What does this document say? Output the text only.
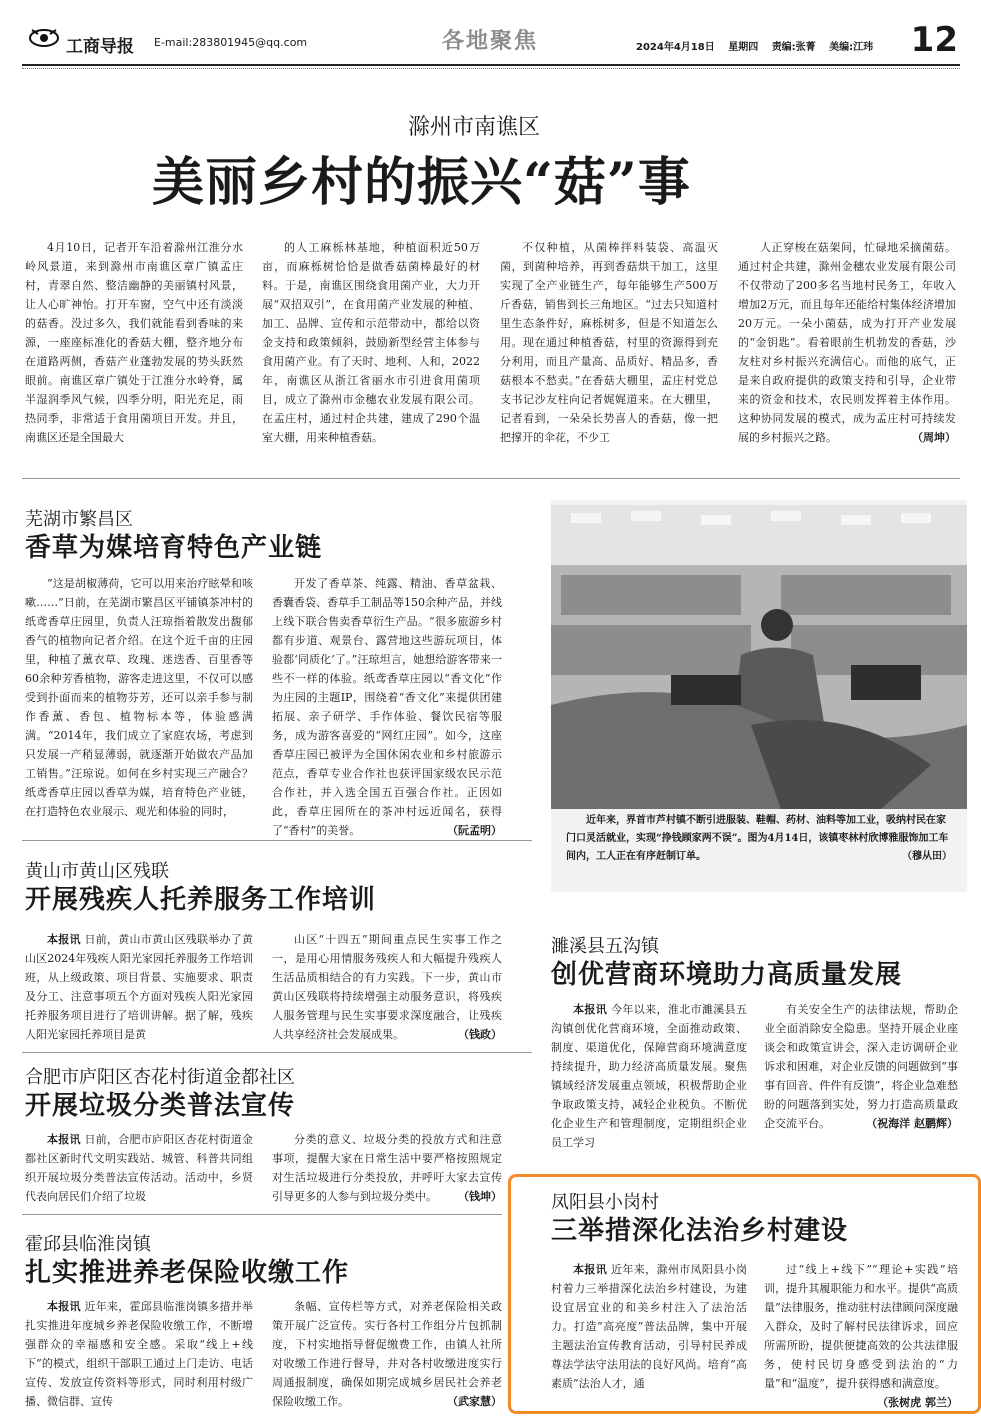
工商导报 E-mail:283801945@qq.com	各地聚焦	2024年4月18日 星期四 责编:张菁 美编:江玮 12
滁州市南谯区
美丽乡村的振兴“菇”事
4月10日，记者开车沿着滁州江淮分水岭风景道，来到滁州市南谯区章广镇孟庄村，青翠自然、整洁幽静的美丽镇村风景，让人心旷神怡。打开车窗，空气中还有淡淡的菇香。没过多久，我们就能看到香味的来源，一座座标准化的香菇大棚，整齐地分布在道路两侧，香菇产业蓬勃发展的势头跃然眼前。南谯区章广镇处于江淮分水岭脊，属半湿润季风气候，四季分明，阳光充足，雨热同季，非常适于食用菌项目开发。并且，南谯区还是全国最大
的人工麻栎林基地，种植面积近50万亩，而麻栎树恰恰是做香菇菌棒最好的材料。于是，南谯区围绕食用菌产业，大力开展“双招双引”，在食用菌产业发展的种植、加工、品牌、宣传和示范带动中，都给以资金支持和政策倾斜，鼓励新型经营主体参与食用菌产业。有了天时、地利、人和，2022年，南谯区从浙江省丽水市引进食用菌项目，成立了滁州市金穗农业发展有限公司。在孟庄村，通过村企共建，建成了290个温室大棚，用来种植香菇。
不仅种植，从菌棒拌料装袋、高温灭菌，到菌种培养，再到香菇烘干加工，这里实现了全产业链生产，每年能够生产500万斤香菇，销售到长三角地区。“过去只知道村里生态条件好，麻栎树多，但是不知道怎么用。现在通过种植香菇，村里的资源得到充分利用，而且产量高、品质好、精品多，香菇根本不愁卖。”在香菇大棚里，孟庄村党总支书记沙友柱向记者娓娓道来。在大棚里，记者看到，一朵朵长势喜人的香菇，像一把把撑开的伞花，不少工
人正穿梭在菇架间，忙碌地采摘菌菇。通过村企共建，滁州金穗农业发展有限公司不仅带动了200多名当地村民务工，年收入增加2万元，而且每年还能给村集体经济增加20万元。一朵小菌菇，成为打开产业发展的“金钥匙”。看着眼前生机勃发的香菇，沙友柱对乡村振兴充满信心。而他的底气，正是来自政府提供的政策支持和引导，企业带来的资金和技术，农民则发挥着主体作用。这种协同发展的模式，成为孟庄村可持续发展的乡村振兴之路。	（周坤）
芜湖市繁昌区
香草为媒培育特色产业链
“这是胡椒薄荷，它可以用来治疗眩晕和咳嗽……”日前，在芜湖市繁昌区平铺镇茶冲村的纸鸢香草庄园里，负责人汪琼指着散发出馥郁香气的植物向记者介绍。在这个近千亩的庄园里，种植了薰衣草、玫瑰、迷迭香、百里香等60余种芳香植物，游客走进这里，不仅可以感受到扑面而来的植物芬芳，还可以亲手参与制作香薰、香包、植物标本等，体验感满满。“2014年，我们成立了家庭农场，考虑到只发展一产稍显薄弱，就逐渐开始做农产品加工销售。”汪琼说。如何在乡村实现三产融合？纸鸢香草庄园以香草为媒，培育特色产业链，在打造特色农业展示、观光和体验的同时，
开发了香草茶、纯露、精油、香草盆栽、香囊香袋、香草手工制品等150余种产品，并线上线下联合售卖香草衍生产品。“很多旅游乡村都有步道、观景台、露营地这些游玩项目，体验都‘同质化’了。”汪琼坦言，她想给游客带来一些不一样的体验。纸鸢香草庄园以“香文化”作为庄园的主题IP，围绕着“香文化”来提供团建拓展、亲子研学、手作体验、餐饮民宿等服务，成为游客喜爱的“网红庄园”。如今，这座香草庄园已被评为全国休闲农业和乡村旅游示范点，香草专业合作社也获评国家级农民示范合作社，并入选全国五百强合作社。正因如此，香草庄园所在的茶冲村远近闻名，获得了“香村”的美誉。	（阮孟明）
近年来，界首市芦村镇不断引进服装、鞋帽、药材、油料等加工业，吸纳村民在家门口灵活就业，实现“挣钱顾家两不误”。图为4月14日，该镇枣林村欣博雅服饰加工车间内，工人正在有序赶制订单。	（穆从田）
黄山市黄山区残联
开展残疾人托养服务工作培训
本报讯 日前，黄山市黄山区残联举办了黄山区2024年残疾人阳光家园托养服务工作培训班，从上级政策、项目背景、实施要求、职责及分工、注意事项五个方面对残疾人阳光家园托养服务项目进行了培训讲解。据了解，残疾人阳光家园托养项目是黄
山区“十四五”期间重点民生实事工作之一，是用心用情服务残疾人和大幅提升残疾人生活品质相结合的有力实践。下一步，黄山市黄山区残联将持续增强主动服务意识，将残疾人服务管理与民生实事要求深度融合，让残疾人共享经济社会发展成果。	（钱政）
合肥市庐阳区杏花村街道金都社区
开展垃圾分类普法宣传
本报讯 日前，合肥市庐阳区杏花村街道金都社区新时代文明实践站、城管、科普共同组织开展垃圾分类普法宣传活动。活动中，乡贤代表向居民们介绍了垃圾
分类的意义、垃圾分类的投放方式和注意事项，提醒大家在日常生活中要严格按照规定对生活垃圾进行分类投放，并呼吁大家去宣传引导更多的人参与到垃圾分类中。 （钱坤）
霍邱县临淮岗镇
扎实推进养老保险收缴工作
本报讯 近年来，霍邱县临淮岗镇多措并举扎实推进年度城乡养老保险收缴工作，不断增强群众的幸福感和安全感。采取“线上+线下”的模式，组织干部职工通过上门走访、电话宣传、发放宣传资料等形式，同时利用村级广播、微信群、宣传
条幅、宣传栏等方式，对养老保险相关政策开展广泛宣传。实行各村工作组分片包抓制度，下村实地指导督促缴费工作，由镇人社所对收缴工作进行督导，并对各村收缴进度实行周通报制度，确保如期完成城乡居民社会养老保险收缴工作。	（武家慧）
濉溪县五沟镇
创优营商环境助力高质量发展
本报讯 今年以来，淮北市濉溪县五沟镇创优化营商环境，全面推动政策、制度、渠道优化，保障营商环境满意度持续提升，助力经济高质量发展。聚焦镇域经济发展重点领域，积极帮助企业争取政策支持，减轻企业税负。不断优化企业生产和管理制度，定期组织企业员工学习
有关安全生产的法律法规，帮助企业全面消除安全隐患。坚持开展企业座谈会和政策宣讲会，深入走访调研企业诉求和困难，对企业反馈的问题做到“事事有回音、件件有反馈”，将企业急难愁盼的问题落到实处，努力打造高质量政企交流平台。	（祝海洋 赵鹏辉）
凤阳县小岗村
三举措深化法治乡村建设
本报讯 近年来，滁州市凤阳县小岗村着力三举措深化法治乡村建设，为建设宜居宜业的和美乡村注入了法治活力。打造“高亮度”普法品牌，集中开展主题法治宣传教育活动，引导村民养成尊法学法守法用法的良好风尚。培育“高素质”法治人才，通
过“线上+线下”“理论+实践”培训，提升其履职能力和水平。提供“高质量”法律服务，推动驻村法律顾问深度融入群众，及时了解村民法律诉求，回应所需所盼，提供便捷高效的公共法律服务，使村民切身感受到法治的“力量”和“温度”，提升获得感和满意度。
（张树虎 郭兰）
